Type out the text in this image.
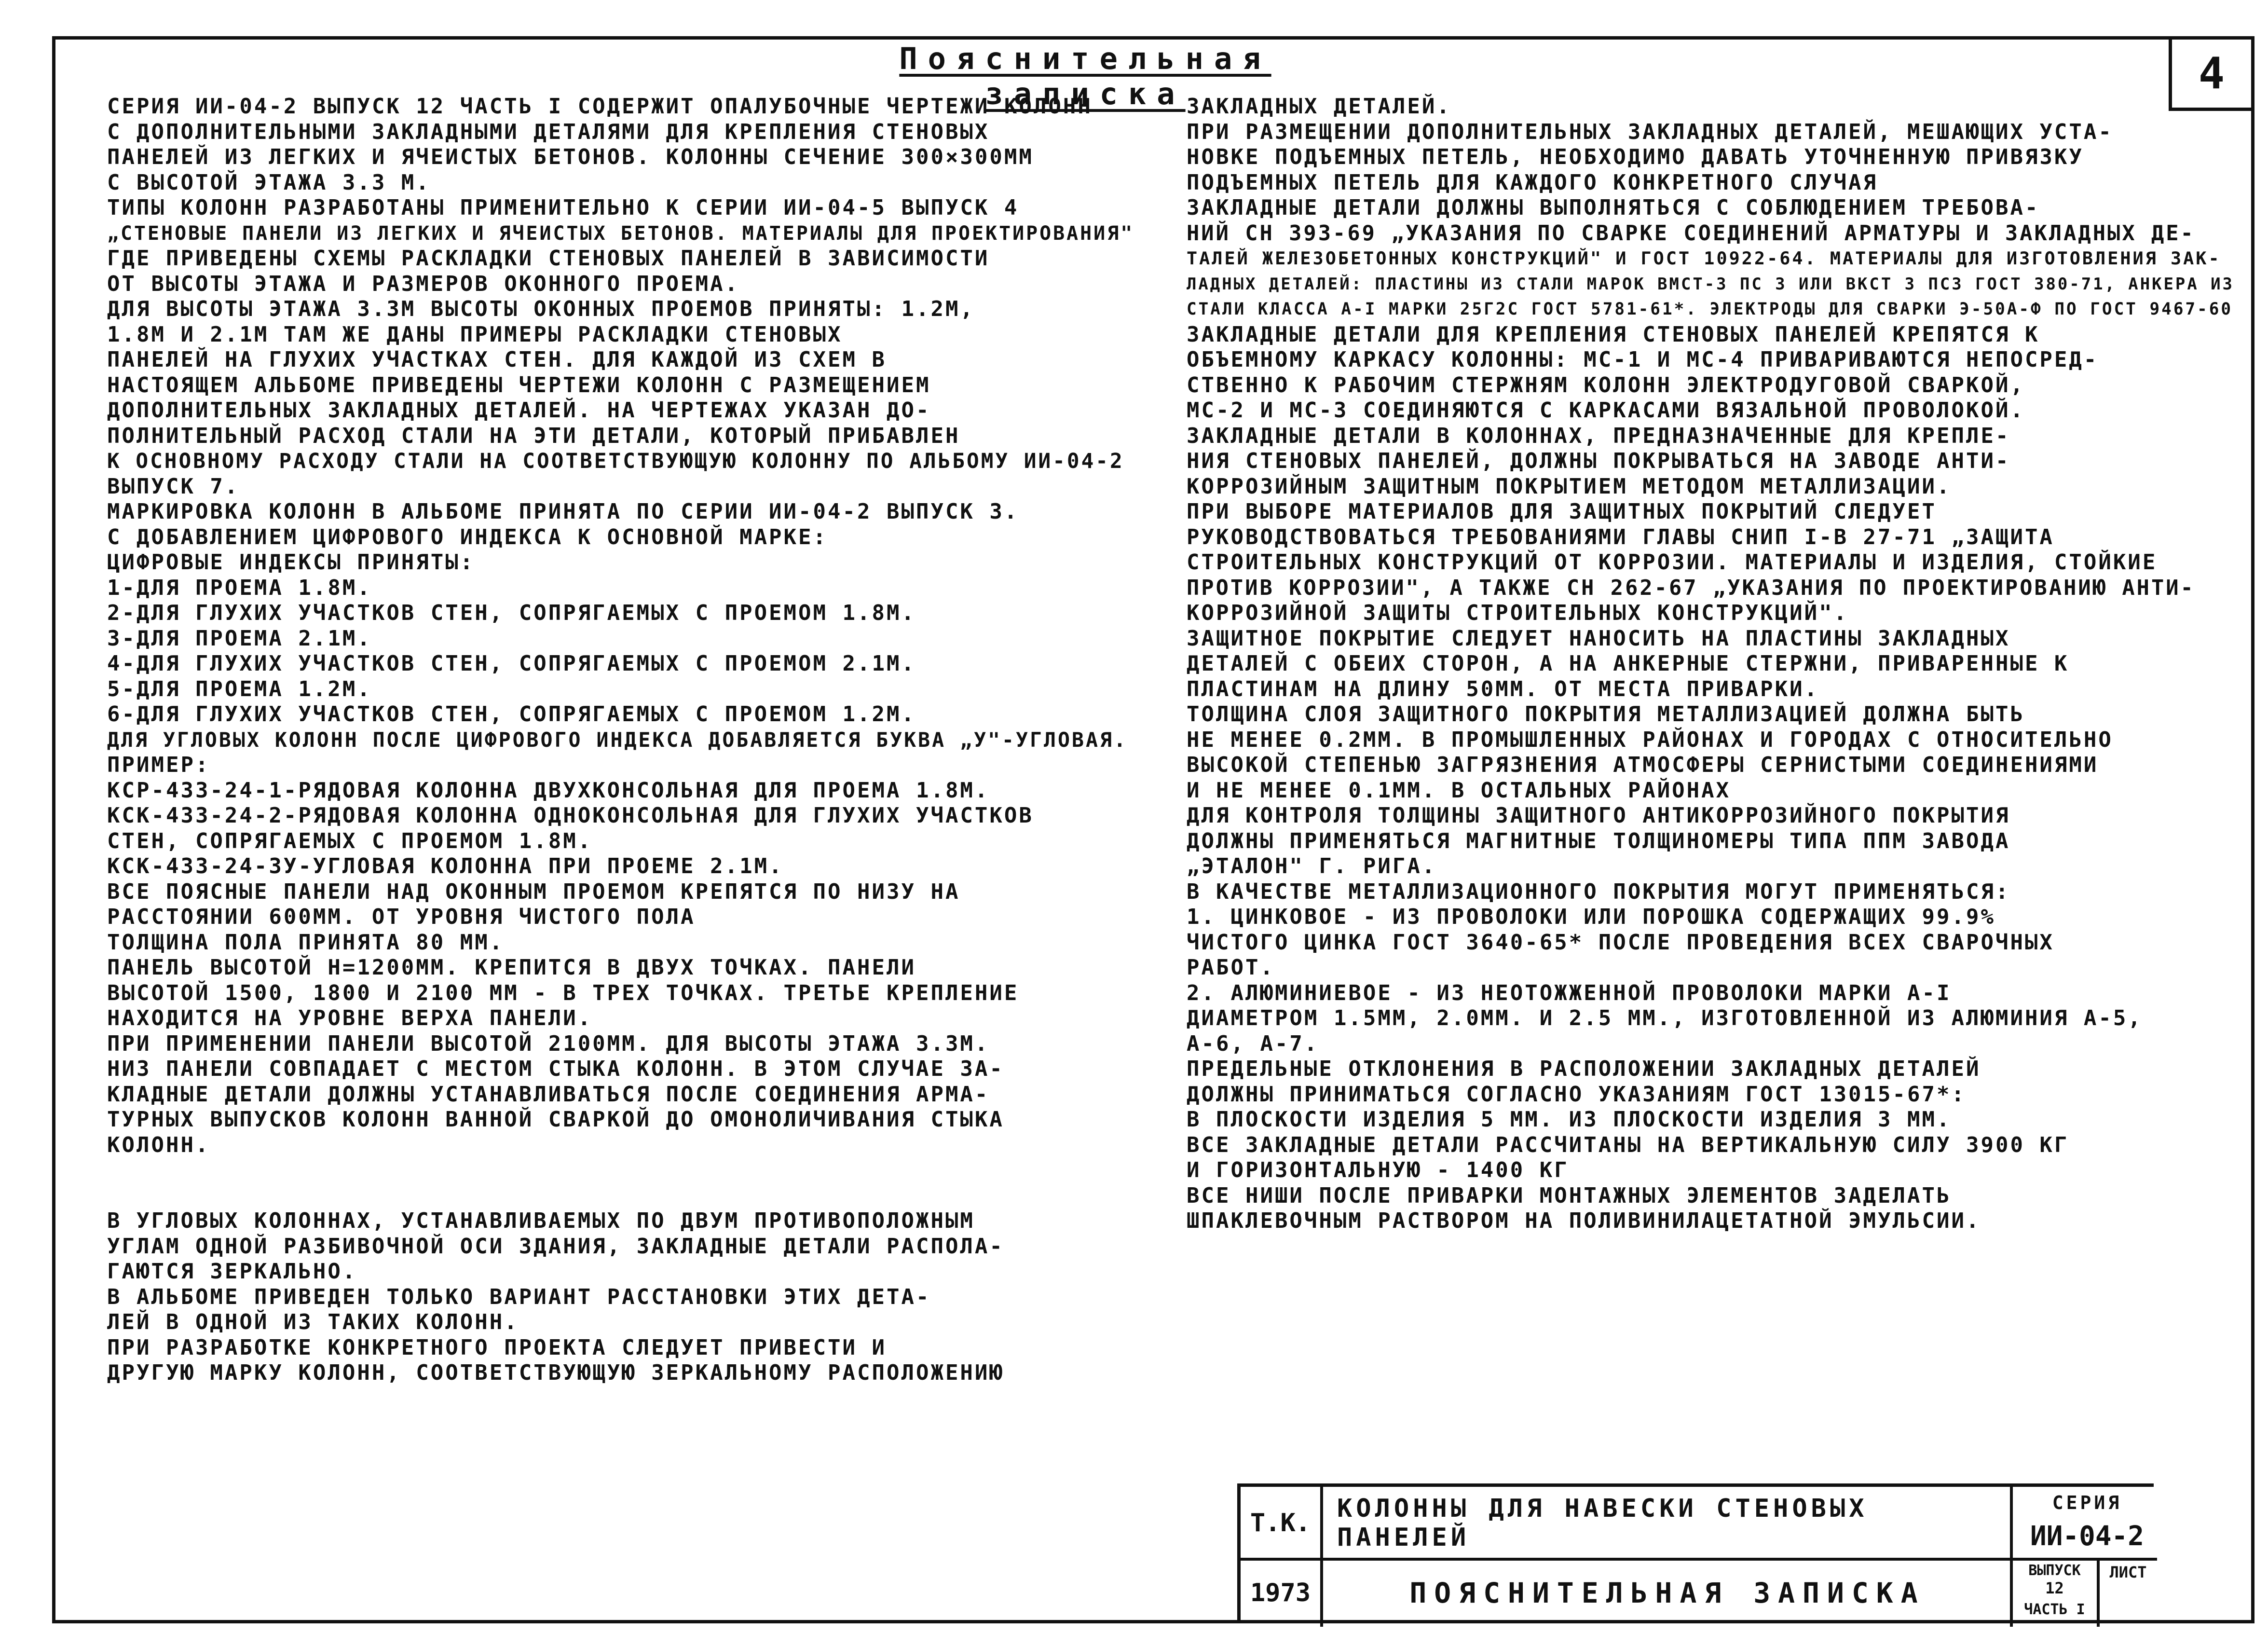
4
Пояснительная записка

СЕРИЯ ИИ-04-2 ВЫПУСК 12 ЧАСТЬ I СОДЕРЖИТ ОПАЛУБОЧНЫЕ ЧЕРТЕЖИ КОЛОНН

С ДОПОЛНИТЕЛЬНЫМИ ЗАКЛАДНЫМИ ДЕТАЛЯМИ ДЛЯ КРЕПЛЕНИЯ СТЕНОВЫХ

ПАНЕЛЕЙ ИЗ ЛЕГКИХ И ЯЧЕИСТЫХ БЕТОНОВ. КОЛОННЫ СЕЧЕНИЕ 300×300ММ

С ВЫСОТОЙ ЭТАЖА 3.3 М.

ТИПЫ КОЛОНН РАЗРАБОТАНЫ ПРИМЕНИТЕЛЬНО К СЕРИИ ИИ-04-5 ВЫПУСК 4

„СТЕНОВЫЕ ПАНЕЛИ ИЗ ЛЕГКИХ И ЯЧЕИСТЫХ БЕТОНОВ. МАТЕРИАЛЫ ДЛЯ ПРОЕКТИРОВАНИЯ"

ГДЕ ПРИВЕДЕНЫ СХЕМЫ РАСКЛАДКИ СТЕНОВЫХ ПАНЕЛЕЙ В ЗАВИСИМОСТИ

ОТ ВЫСОТЫ ЭТАЖА И РАЗМЕРОВ ОКОННОГО ПРОЕМА.

ДЛЯ ВЫСОТЫ ЭТАЖА 3.3М ВЫСОТЫ ОКОННЫХ ПРОЕМОВ ПРИНЯТЫ: 1.2М,

1.8М И 2.1М ТАМ ЖЕ ДАНЫ ПРИМЕРЫ РАСКЛАДКИ СТЕНОВЫХ

ПАНЕЛЕЙ НА ГЛУХИХ УЧАСТКАХ СТЕН. ДЛЯ КАЖДОЙ ИЗ СХЕМ В

НАСТОЯЩЕМ АЛЬБОМЕ ПРИВЕДЕНЫ ЧЕРТЕЖИ КОЛОНН С РАЗМЕЩЕНИЕМ

ДОПОЛНИТЕЛЬНЫХ ЗАКЛАДНЫХ ДЕТАЛЕЙ. НА ЧЕРТЕЖАХ УКАЗАН ДО-

ПОЛНИТЕЛЬНЫЙ РАСХОД СТАЛИ НА ЭТИ ДЕТАЛИ, КОТОРЫЙ ПРИБАВЛЕН

К ОСНОВНОМУ РАСХОДУ СТАЛИ НА СООТВЕТСТВУЮЩУЮ КОЛОННУ ПО АЛЬБОМУ ИИ-04-2

ВЫПУСК 7.

МАРКИРОВКА КОЛОНН В АЛЬБОМЕ ПРИНЯТА ПО СЕРИИ ИИ-04-2 ВЫПУСК 3.

С ДОБАВЛЕНИЕМ ЦИФРОВОГО ИНДЕКСА К ОСНОВНОЙ МАРКЕ:

ЦИФРОВЫЕ ИНДЕКСЫ ПРИНЯТЫ:

1-ДЛЯ ПРОЕМА 1.8М.

2-ДЛЯ ГЛУХИХ УЧАСТКОВ СТЕН, СОПРЯГАЕМЫХ С ПРОЕМОМ 1.8М.

3-ДЛЯ ПРОЕМА 2.1М.

4-ДЛЯ ГЛУХИХ УЧАСТКОВ СТЕН, СОПРЯГАЕМЫХ С ПРОЕМОМ 2.1М.

5-ДЛЯ ПРОЕМА 1.2М.

6-ДЛЯ ГЛУХИХ УЧАСТКОВ СТЕН, СОПРЯГАЕМЫХ С ПРОЕМОМ 1.2М.

ДЛЯ УГЛОВЫХ КОЛОНН ПОСЛЕ ЦИФРОВОГО ИНДЕКСА ДОБАВЛЯЕТСЯ БУКВА „У"-УГЛОВАЯ.

ПРИМЕР:

КСР-433-24-1-РЯДОВАЯ КОЛОННА ДВУХКОНСОЛЬНАЯ ДЛЯ ПРОЕМА 1.8М.

КСК-433-24-2-РЯДОВАЯ КОЛОННА ОДНОКОНСОЛЬНАЯ ДЛЯ ГЛУХИХ УЧАСТКОВ

СТЕН, СОПРЯГАЕМЫХ С ПРОЕМОМ 1.8М.

КСК-433-24-3У-УГЛОВАЯ КОЛОННА ПРИ ПРОЕМЕ 2.1М.

ВСЕ ПОЯСНЫЕ ПАНЕЛИ НАД ОКОННЫМ ПРОЕМОМ КРЕПЯТСЯ ПО НИЗУ НА

РАССТОЯНИИ 600ММ. ОТ УРОВНЯ ЧИСТОГО ПОЛА

ТОЛЩИНА ПОЛА ПРИНЯТА 80 ММ.

ПАНЕЛЬ ВЫСОТОЙ Н=1200ММ. КРЕПИТСЯ В ДВУХ ТОЧКАХ. ПАНЕЛИ

ВЫСОТОЙ 1500, 1800 И 2100 ММ - В ТРЕХ ТОЧКАХ. ТРЕТЬЕ КРЕПЛЕНИЕ

НАХОДИТСЯ НА УРОВНЕ ВЕРХА ПАНЕЛИ.

ПРИ ПРИМЕНЕНИИ ПАНЕЛИ ВЫСОТОЙ 2100ММ. ДЛЯ ВЫСОТЫ ЭТАЖА 3.3М.

НИЗ ПАНЕЛИ СОВПАДАЕТ С МЕСТОМ СТЫКА КОЛОНН. В ЭТОМ СЛУЧАЕ ЗА-

КЛАДНЫЕ ДЕТАЛИ ДОЛЖНЫ УСТАНАВЛИВАТЬСЯ ПОСЛЕ СОЕДИНЕНИЯ АРМА-

ТУРНЫХ ВЫПУСКОВ КОЛОНН ВАННОЙ СВАРКОЙ ДО ОМОНОЛИЧИВАНИЯ СТЫКА

КОЛОНН.

В УГЛОВЫХ КОЛОННАХ, УСТАНАВЛИВАЕМЫХ ПО ДВУМ ПРОТИВОПОЛОЖНЫМ

УГЛАМ ОДНОЙ РАЗБИВОЧНОЙ ОСИ ЗДАНИЯ, ЗАКЛАДНЫЕ ДЕТАЛИ РАСПОЛА-

ГАЮТСЯ ЗЕРКАЛЬНО.

В АЛЬБОМЕ ПРИВЕДЕН ТОЛЬКО ВАРИАНТ РАССТАНОВКИ ЭТИХ ДЕТА-

ЛЕЙ В ОДНОЙ ИЗ ТАКИХ КОЛОНН.

ПРИ РАЗРАБОТКЕ КОНКРЕТНОГО ПРОЕКТА СЛЕДУЕТ ПРИВЕСТИ И

ДРУГУЮ МАРКУ КОЛОНН, СООТВЕТСТВУЮЩУЮ ЗЕРКАЛЬНОМУ РАСПОЛОЖЕНИЮ

ЗАКЛАДНЫХ ДЕТАЛЕЙ.

ПРИ РАЗМЕЩЕНИИ ДОПОЛНИТЕЛЬНЫХ ЗАКЛАДНЫХ ДЕТАЛЕЙ, МЕШАЮЩИХ УСТА-

НОВКЕ ПОДЪЕМНЫХ ПЕТЕЛЬ, НЕОБХОДИМО ДАВАТЬ УТОЧНЕННУЮ ПРИВЯЗКУ

ПОДЪЕМНЫХ ПЕТЕЛЬ ДЛЯ КАЖДОГО КОНКРЕТНОГО СЛУЧАЯ

ЗАКЛАДНЫЕ ДЕТАЛИ ДОЛЖНЫ ВЫПОЛНЯТЬСЯ С СОБЛЮДЕНИЕМ ТРЕБОВА-

НИЙ СН 393-69 „УКАЗАНИЯ ПО СВАРКЕ СОЕДИНЕНИЙ АРМАТУРЫ И ЗАКЛАДНЫХ ДЕ-

ТАЛЕЙ ЖЕЛЕЗОБЕТОННЫХ КОНСТРУКЦИЙ" И ГОСТ 10922-64. МАТЕРИАЛЫ ДЛЯ ИЗГОТОВЛЕНИЯ ЗАК-

ЛАДНЫХ ДЕТАЛЕЙ: ПЛАСТИНЫ ИЗ СТАЛИ МАРОК ВМСТ-3 ПС 3 ИЛИ ВКСТ 3 ПС3 ГОСТ 380-71, АНКЕРА ИЗ

СТАЛИ КЛАССА А-I МАРКИ 25Г2С ГОСТ 5781-61*. ЭЛЕКТРОДЫ ДЛЯ СВАРКИ Э-50А-Ф ПО ГОСТ 9467-60

ЗАКЛАДНЫЕ ДЕТАЛИ ДЛЯ КРЕПЛЕНИЯ СТЕНОВЫХ ПАНЕЛЕЙ КРЕПЯТСЯ К

ОБЪЕМНОМУ КАРКАСУ КОЛОННЫ: МС-1 И МС-4 ПРИВАРИВАЮТСЯ НЕПОСРЕД-

СТВЕННО К РАБОЧИМ СТЕРЖНЯМ КОЛОНН ЭЛЕКТРОДУГОВОЙ СВАРКОЙ,

МС-2 И МС-3 СОЕДИНЯЮТСЯ С КАРКАСАМИ ВЯЗАЛЬНОЙ ПРОВОЛОКОЙ.

ЗАКЛАДНЫЕ ДЕТАЛИ В КОЛОННАХ, ПРЕДНАЗНАЧЕННЫЕ ДЛЯ КРЕПЛЕ-

НИЯ СТЕНОВЫХ ПАНЕЛЕЙ, ДОЛЖНЫ ПОКРЫВАТЬСЯ НА ЗАВОДЕ АНТИ-

КОРРОЗИЙНЫМ ЗАЩИТНЫМ ПОКРЫТИЕМ МЕТОДОМ МЕТАЛЛИЗАЦИИ.

ПРИ ВЫБОРЕ МАТЕРИАЛОВ ДЛЯ ЗАЩИТНЫХ ПОКРЫТИЙ СЛЕДУЕТ

РУКОВОДСТВОВАТЬСЯ ТРЕБОВАНИЯМИ ГЛАВЫ СНИП I-В 27-71 „ЗАЩИТА

СТРОИТЕЛЬНЫХ КОНСТРУКЦИЙ ОТ КОРРОЗИИ. МАТЕРИАЛЫ И ИЗДЕЛИЯ, СТОЙКИЕ

ПРОТИВ КОРРОЗИИ", А ТАКЖЕ СН 262-67 „УКАЗАНИЯ ПО ПРОЕКТИРОВАНИЮ АНТИ-

КОРРОЗИЙНОЙ ЗАЩИТЫ СТРОИТЕЛЬНЫХ КОНСТРУКЦИЙ".

ЗАЩИТНОЕ ПОКРЫТИЕ СЛЕДУЕТ НАНОСИТЬ НА ПЛАСТИНЫ ЗАКЛАДНЫХ

ДЕТАЛЕЙ С ОБЕИХ СТОРОН, А НА АНКЕРНЫЕ СТЕРЖНИ, ПРИВАРЕННЫЕ К

ПЛАСТИНАМ НА ДЛИНУ 50ММ. ОТ МЕСТА ПРИВАРКИ.

ТОЛЩИНА СЛОЯ ЗАЩИТНОГО ПОКРЫТИЯ МЕТАЛЛИЗАЦИЕЙ ДОЛЖНА БЫТЬ

НЕ МЕНЕЕ 0.2ММ. В ПРОМЫШЛЕННЫХ РАЙОНАХ И ГОРОДАХ С ОТНОСИТЕЛЬНО

ВЫСОКОЙ СТЕПЕНЬЮ ЗАГРЯЗНЕНИЯ АТМОСФЕРЫ СЕРНИСТЫМИ СОЕДИНЕНИЯМИ

И НЕ МЕНЕЕ 0.1ММ. В ОСТАЛЬНЫХ РАЙОНАХ

ДЛЯ КОНТРОЛЯ ТОЛЩИНЫ ЗАЩИТНОГО АНТИКОРРОЗИЙНОГО ПОКРЫТИЯ

ДОЛЖНЫ ПРИМЕНЯТЬСЯ МАГНИТНЫЕ ТОЛЩИНОМЕРЫ ТИПА ППМ ЗАВОДА

„ЭТАЛОН" Г. РИГА.

В КАЧЕСТВЕ МЕТАЛЛИЗАЦИОННОГО ПОКРЫТИЯ МОГУТ ПРИМЕНЯТЬСЯ:

1. ЦИНКОВОЕ - ИЗ ПРОВОЛОКИ ИЛИ ПОРОШКА СОДЕРЖАЩИХ 99.9%

ЧИСТОГО ЦИНКА ГОСТ 3640-65* ПОСЛЕ ПРОВЕДЕНИЯ ВСЕХ СВАРОЧНЫХ

РАБОТ.

2. АЛЮМИНИЕВОЕ - ИЗ НЕОТОЖЖЕННОЙ ПРОВОЛОКИ МАРКИ А-I

ДИАМЕТРОМ 1.5ММ, 2.0ММ. И 2.5 ММ., ИЗГОТОВЛЕННОЙ ИЗ АЛЮМИНИЯ А-5,

А-6, А-7.

ПРЕДЕЛЬНЫЕ ОТКЛОНЕНИЯ В РАСПОЛОЖЕНИИ ЗАКЛАДНЫХ ДЕТАЛЕЙ

ДОЛЖНЫ ПРИНИМАТЬСЯ СОГЛАСНО УКАЗАНИЯМ ГОСТ 13015-67*:

В ПЛОСКОСТИ ИЗДЕЛИЯ 5 ММ. ИЗ ПЛОСКОСТИ ИЗДЕЛИЯ 3 ММ.

ВСЕ ЗАКЛАДНЫЕ ДЕТАЛИ РАССЧИТАНЫ НА ВЕРТИКАЛЬНУЮ СИЛУ 3900 КГ

И ГОРИЗОНТАЛЬНУЮ - 1400 КГ

ВСЕ НИШИ ПОСЛЕ ПРИВАРКИ МОНТАЖНЫХ ЭЛЕМЕНТОВ ЗАДЕЛАТЬ

ШПАКЛЕВОЧНЫМ РАСТВОРОМ НА ПОЛИВИНИЛАЦЕТАТНОЙ ЭМУЛЬСИИ.

Т.К.
1973
КОЛОННЫ ДЛЯ НАВЕСКИ СТЕНОВЫХ ПАНЕЛЕЙ
ПОЯСНИТЕЛЬНАЯ ЗАПИСКА
СЕРИЯ
ИИ-04-2
ВЫПУСК
12
ЧАСТЬ I
ЛИСТ
